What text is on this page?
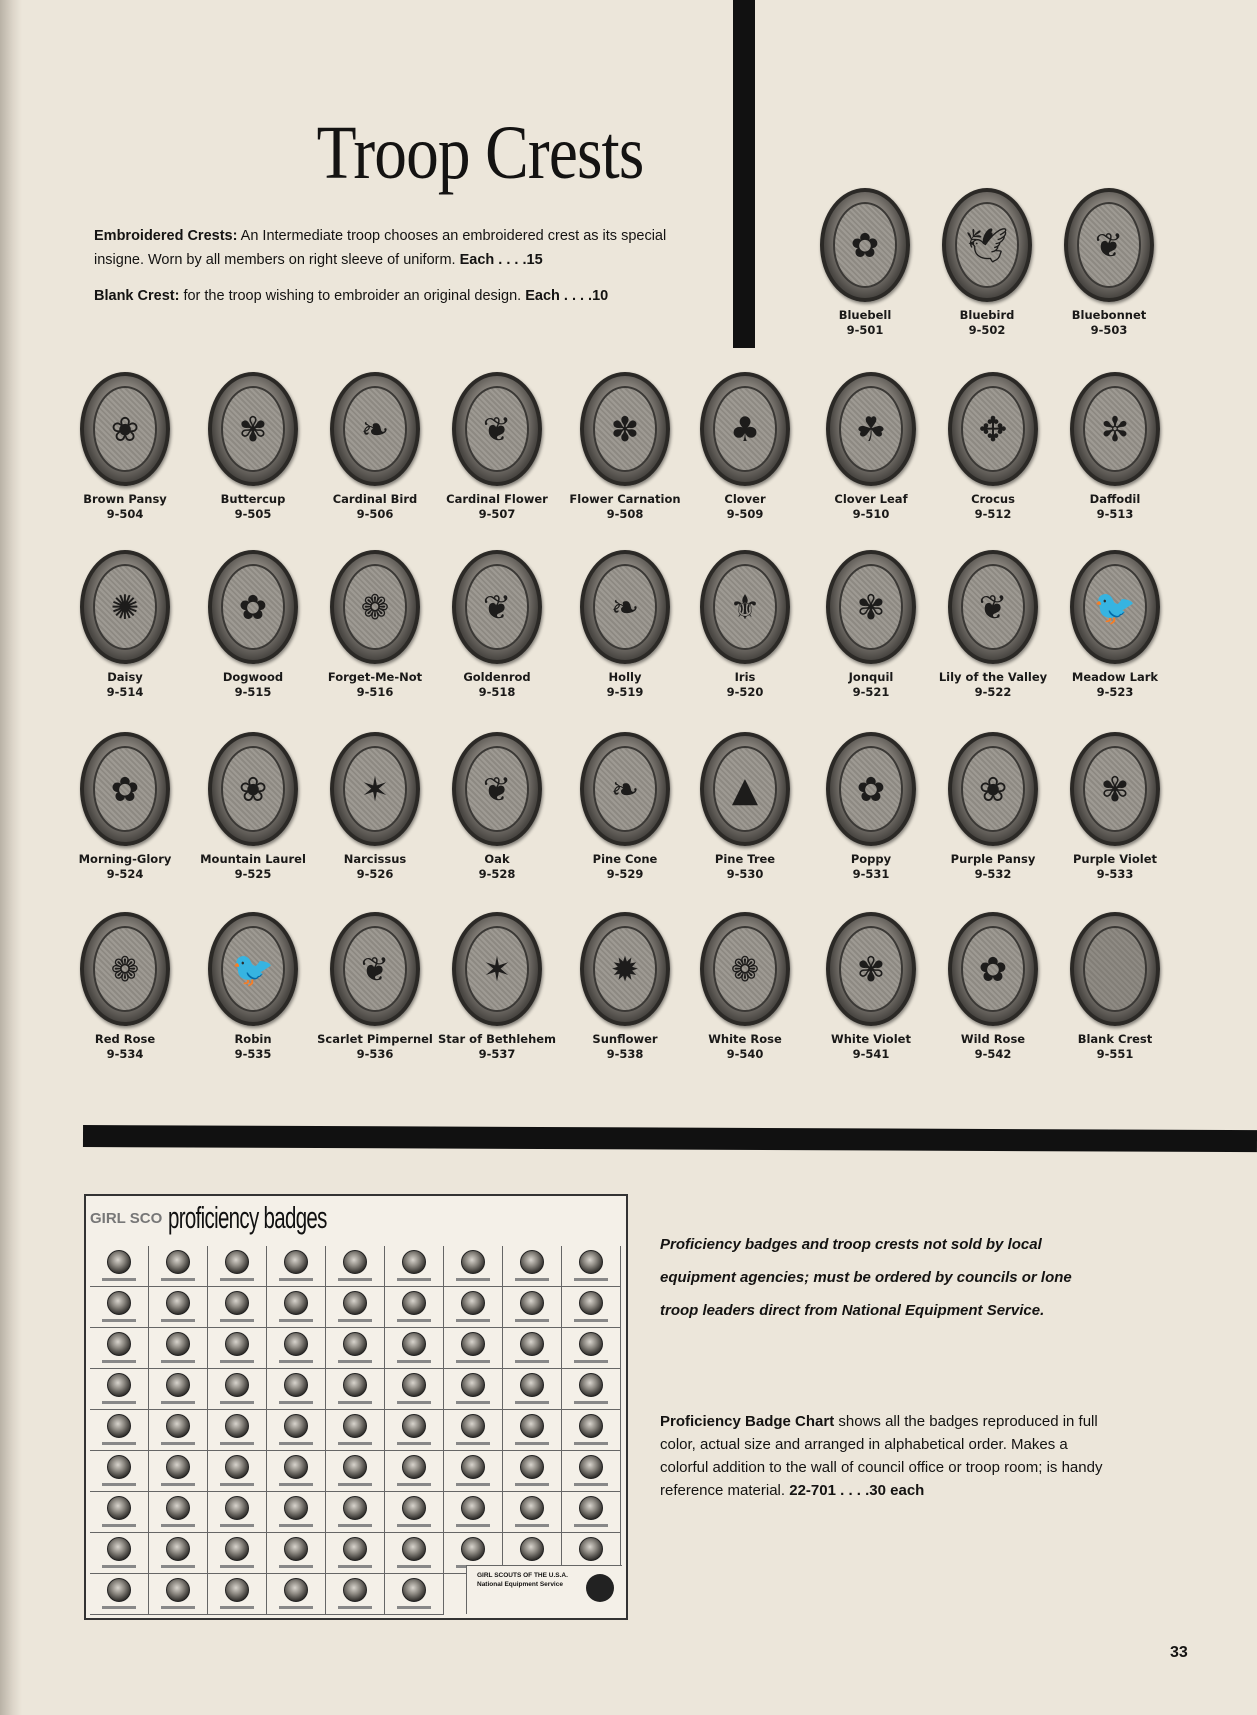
Troop Crests
Embroidered Crests: An Intermediate troop chooses an embroidered crest as its special insigne. Worn by all members on right sleeve of uniform. Each . . . .15
Blank Crest: for the troop wishing to embroider an original design. Each . . . .10
✿
Bluebell
9-501
🕊
Bluebird
9-502
❦
Bluebonnet
9-503
❀
Brown Pansy
9-504
✾
Buttercup
9-505
❧
Cardinal Bird
9-506
❦
Cardinal Flower
9-507
✽
Flower Carnation
9-508
♣
Clover
9-509
☘
Clover Leaf
9-510
✥
Crocus
9-512
✼
Daffodil
9-513
✺
Daisy
9-514
✿
Dogwood
9-515
❁
Forget-Me-Not
9-516
❦
Goldenrod
9-518
❧
Holly
9-519
⚜
Iris
9-520
✾
Jonquil
9-521
❦
Lily of the Valley
9-522
🐦
Meadow Lark
9-523
✿
Morning-Glory
9-524
❀
Mountain Laurel
9-525
✶
Narcissus
9-526
❦
Oak
9-528
❧
Pine Cone
9-529
▲
Pine Tree
9-530
✿
Poppy
9-531
❀
Purple Pansy
9-532
✾
Purple Violet
9-533
❁
Red Rose
9-534
🐦
Robin
9-535
❦
Scarlet Pimpernel
9-536
✶
Star of Bethlehem
9-537
✹
Sunflower
9-538
❁
White Rose
9-540
✾
White Violet
9-541
✿
Wild Rose
9-542
Blank Crest
9-551
GIRL SCO proficiency badges
GIRL SCOUTS OF THE U.S.A.
National Equipment Service
Proficiency badges and troop crests not sold by local equipment agencies; must be ordered by councils or lone troop leaders direct from National Equipment Service.
Proficiency Badge Chart shows all the badges reproduced in full color, actual size and arranged in alphabetical order. Makes a colorful addition to the wall of council office or troop room; is handy reference material. 22-701 . . . .30 each
33
